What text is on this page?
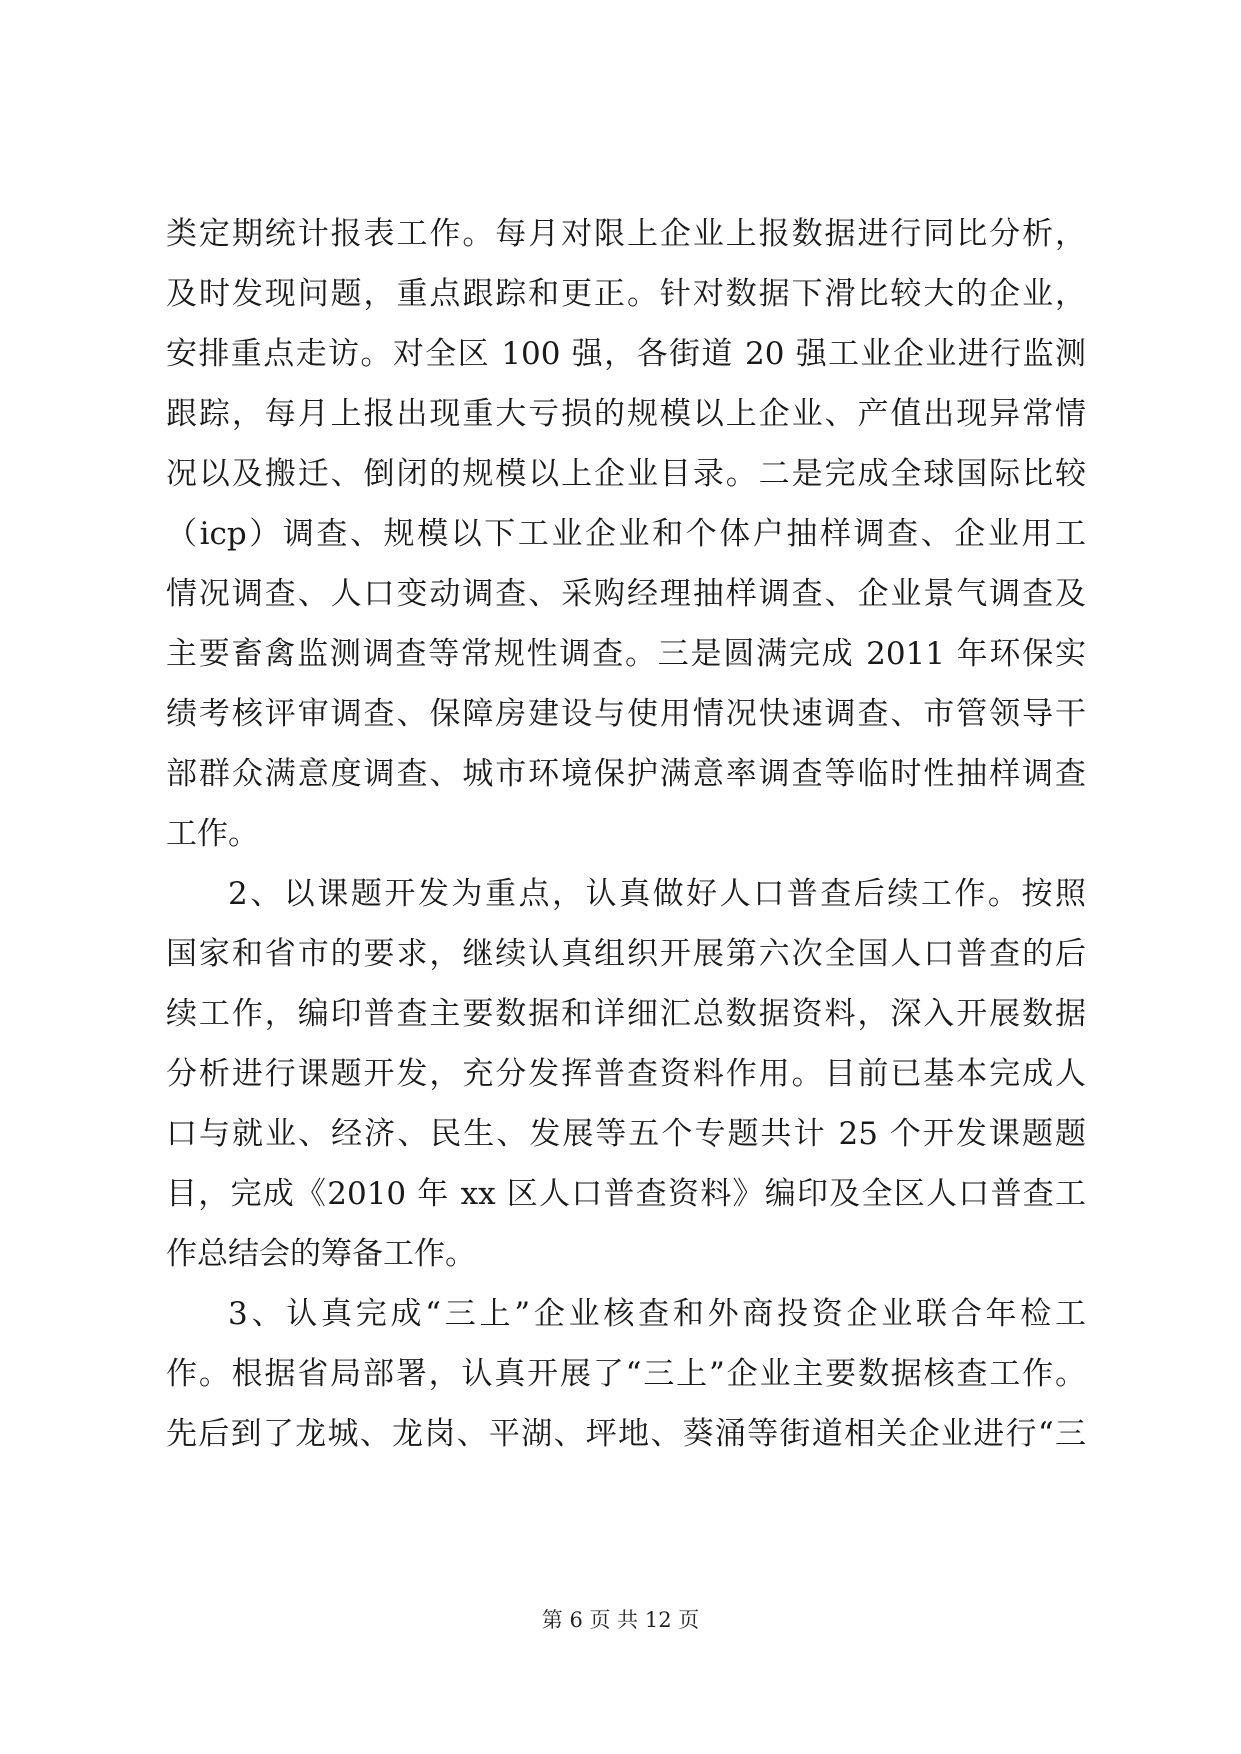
类定期统计报表工作。每月对限上企业上报数据进行同比分析，
及时发现问题，重点跟踪和更正。针对数据下滑比较大的企业，
安排重点走访。对全区 100 强，各街道 20 强工业企业进行监测
跟踪，每月上报出现重大亏损的规模以上企业、产值出现异常情
况以及搬迁、倒闭的规模以上企业目录。二是完成全球国际比较
（icp）调查、规模以下工业企业和个体户抽样调查、企业用工
情况调查、人口变动调查、采购经理抽样调查、企业景气调查及
主要畜禽监测调查等常规性调查。三是圆满完成 2011 年环保实
绩考核评审调查、保障房建设与使用情况快速调查、市管领导干
部群众满意度调查、城市环境保护满意率调查等临时性抽样调查
工作。
2、以课题开发为重点，认真做好人口普查后续工作。按照
国家和省市的要求，继续认真组织开展第六次全国人口普查的后
续工作，编印普查主要数据和详细汇总数据资料，深入开展数据
分析进行课题开发，充分发挥普查资料作用。目前已基本完成人
口与就业、经济、民生、发展等五个专题共计 25 个开发课题题
目，完成《2010 年 xx 区人口普查资料》编印及全区人口普查工
作总结会的筹备工作。
3、认真完成“三上”企业核查和外商投资企业联合年检工
作。根据省局部署，认真开展了“三上”企业主要数据核查工作。
先后到了龙城、龙岗、平湖、坪地、葵涌等街道相关企业进行“三
第 6 页 共 12 页
